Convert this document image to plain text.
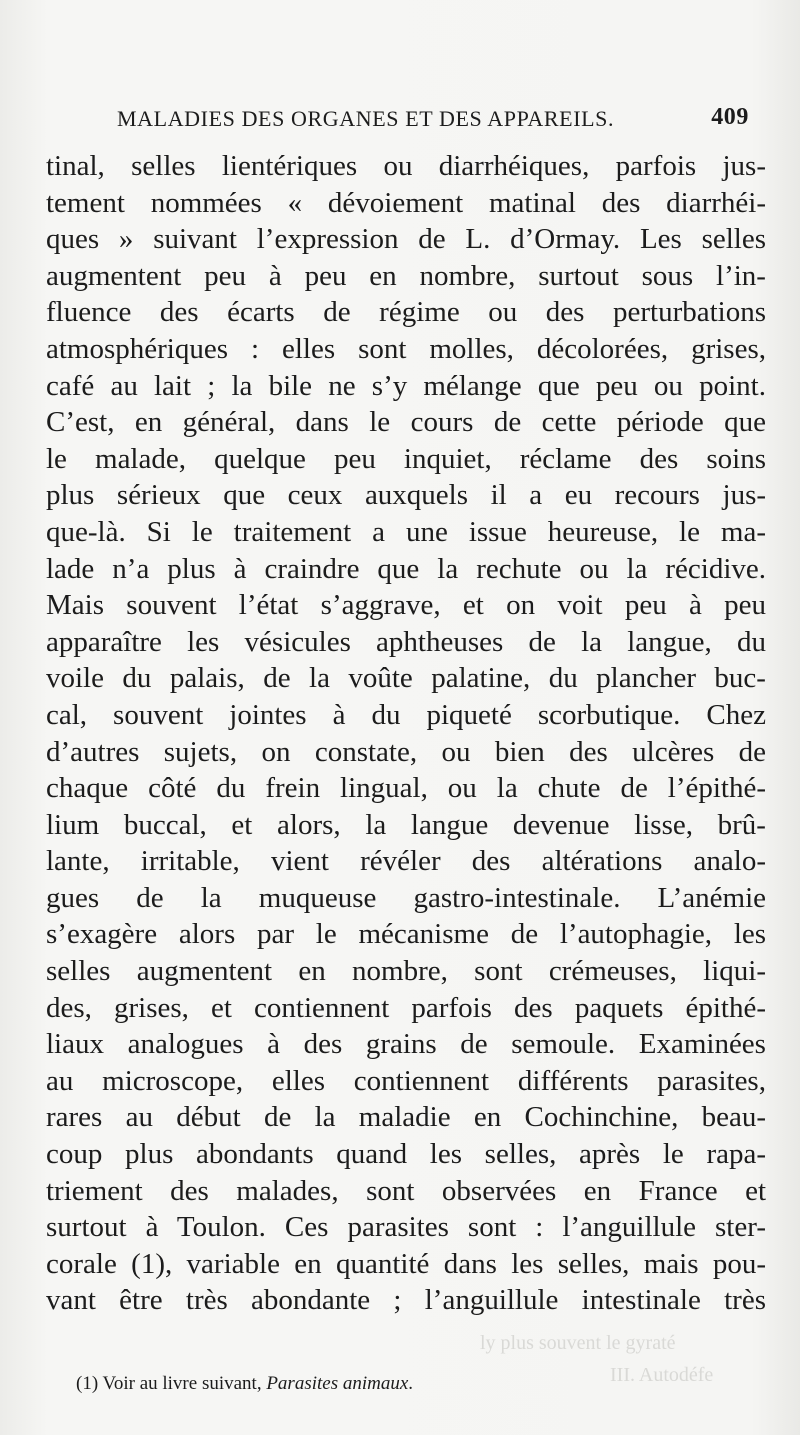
MALADIES DES ORGANES ET DES APPAREILS.	409
tinal, selles lientériques ou diarrhéiques, parfois jus-
tement nommées « dévoiement matinal des diarrhéi-
ques » suivant l’expression de L. d’Ormay. Les selles
augmentent peu à peu en nombre, surtout sous l’in-
fluence des écarts de régime ou des perturbations
atmosphériques : elles sont molles, décolorées, grises,
café au lait ; la bile ne s’y mélange que peu ou point.
C’est, en général, dans le cours de cette période que
le malade, quelque peu inquiet, réclame des soins
plus sérieux que ceux auxquels il a eu recours jus-
que-là. Si le traitement a une issue heureuse, le ma-
lade n’a plus à craindre que la rechute ou la récidive.
Mais souvent l’état s’aggrave, et on voit peu à peu
apparaître les vésicules aphtheuses de la langue, du
voile du palais, de la voûte palatine, du plancher buc-
cal, souvent jointes à du piqueté scorbutique. Chez
d’autres sujets, on constate, ou bien des ulcères de
chaque côté du frein lingual, ou la chute de l’épithé-
lium buccal, et alors, la langue devenue lisse, brû-
lante, irritable, vient révéler des altérations analo-
gues de la muqueuse gastro-intestinale. L’anémie
s’exagère alors par le mécanisme de l’autophagie, les
selles augmentent en nombre, sont crémeuses, liqui-
des, grises, et contiennent parfois des paquets épithé-
liaux analogues à des grains de semoule. Examinées
au microscope, elles contiennent différents parasites,
rares au début de la maladie en Cochinchine, beau-
coup plus abondants quand les selles, après le rapa-
triement des malades, sont observées en France et
surtout à Toulon. Ces parasites sont : l’anguillule ster-
corale (1), variable en quantité dans les selles, mais pou-
vant être très abondante ; l’anguillule intestinale très
ly plus souvent le gyraté
III. Autodéfe
(1) Voir au livre suivant, Parasites animaux.
